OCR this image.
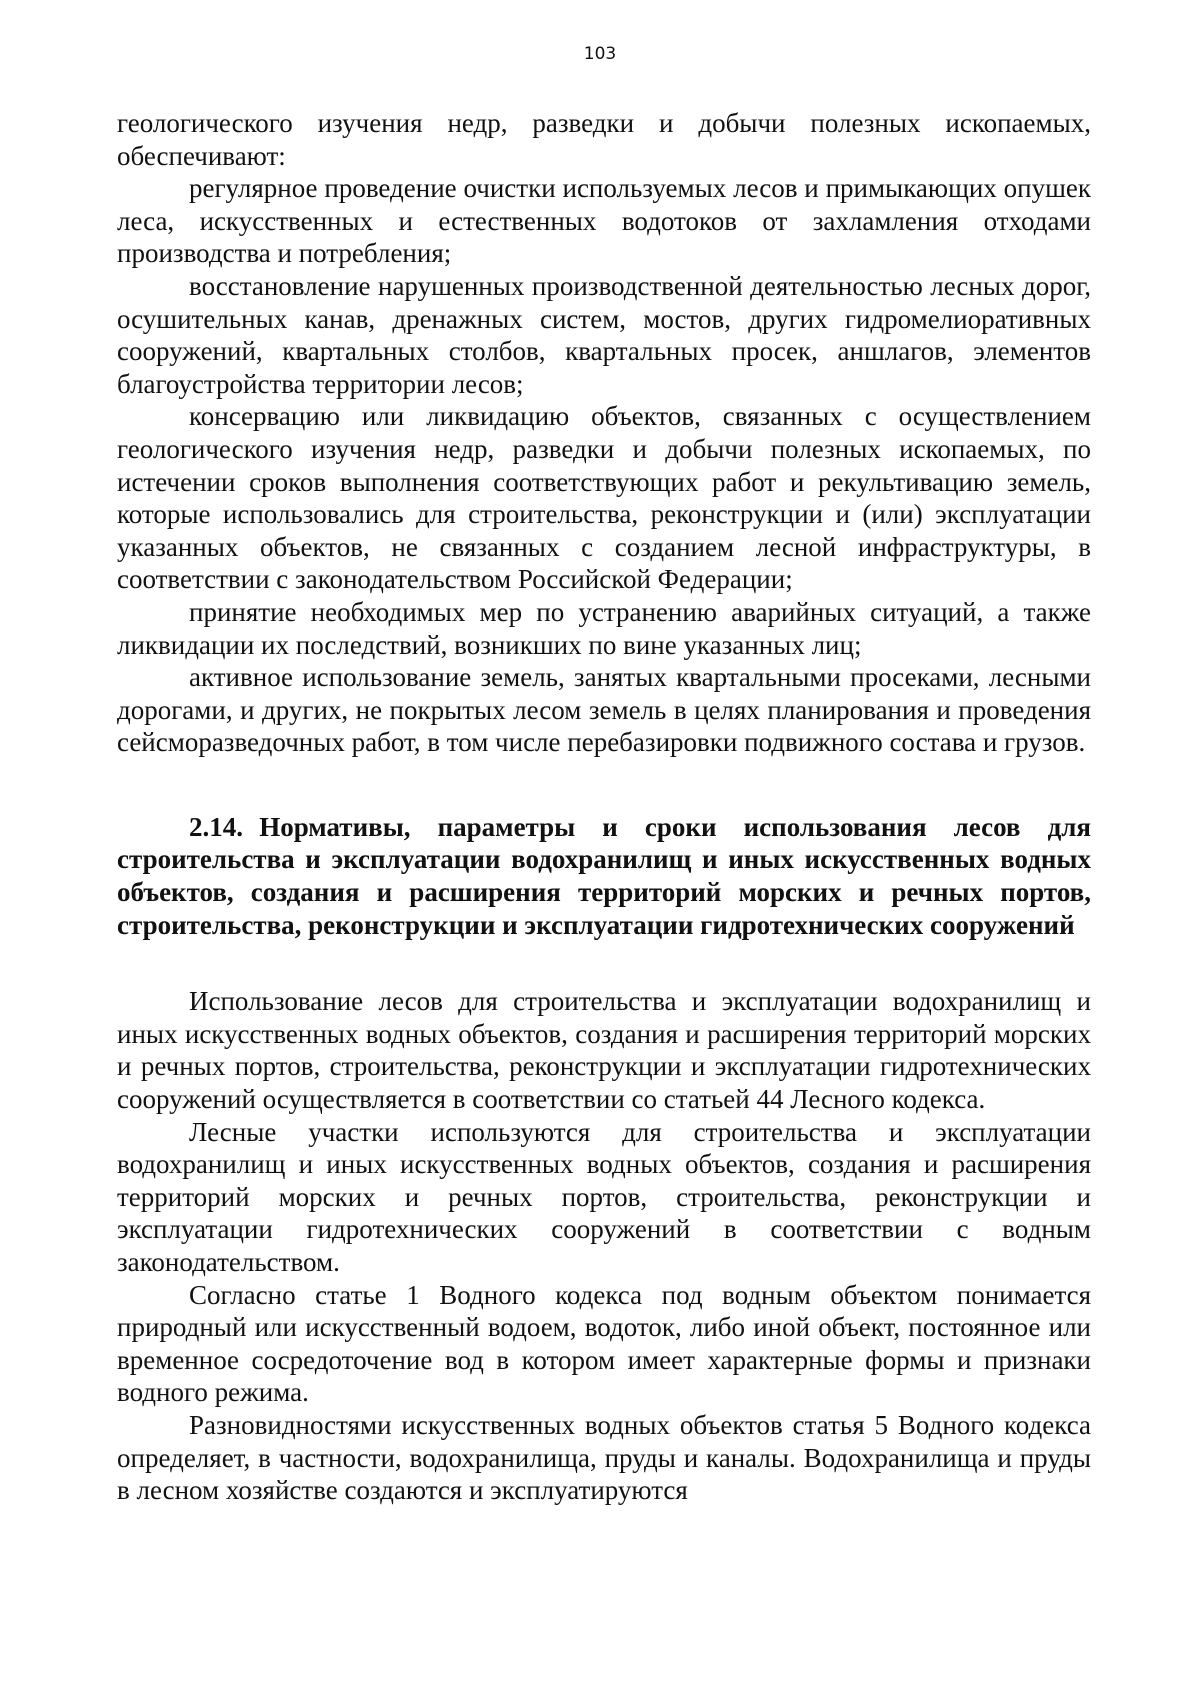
103

геологического изучения недр, разведки и добычи полезных ископаемых, обеспечивают:

регулярное проведение очистки используемых лесов и примыкающих опушек леса, искусственных и естественных водотоков от захламления отходами производства и потребления;

восстановление нарушенных производственной деятельностью лесных дорог, осушительных канав, дренажных систем, мостов, других гидромелиоративных сооружений, квартальных столбов, квартальных просек, аншлагов, элементов благоустройства территории лесов;

консервацию или ликвидацию объектов, связанных с осуществлением геологического изучения недр, разведки и добычи полезных ископаемых, по истечении сроков выполнения соответствующих работ и рекультивацию земель, которые использовались для строительства, реконструкции и (или) эксплуатации указанных объектов, не связанных с созданием лесной инфраструктуры, в соответствии с законодательством Российской Федерации;

принятие необходимых мер по устранению аварийных ситуаций, а также ликвидации их последствий, возникших по вине указанных лиц;

активное использование земель, занятых квартальными просеками, лесными дорогами, и других, не покрытых лесом земель в целях планирования и проведения сейсморазведочных работ, в том числе перебазировки подвижного состава и грузов.

2.14. Нормативы, параметры и сроки использования лесов для строительства и эксплуатации водохранилищ и иных искусственных водных объектов, создания и расширения территорий морских и речных портов, строительства, реконструкции и эксплуатации гидротехнических сооружений

Использование лесов для строительства и эксплуатации водохранилищ и иных искусственных водных объектов, создания и расширения территорий морских и речных портов, строительства, реконструкции и эксплуатации гидротехнических сооружений осуществляется в соответствии со статьей 44 Лесного кодекса.

Лесные участки используются для строительства и эксплуатации водохранилищ и иных искусственных водных объектов, создания и расширения территорий морских и речных портов, строительства, реконструкции и эксплуатации гидротехнических сооружений в соответствии с водным законодательством.

Согласно статье 1 Водного кодекса под водным объектом понимается природный или искусственный водоем, водоток, либо иной объект, постоянное или временное сосредоточение вод в котором имеет характерные формы и признаки водного режима.

Разновидностями искусственных водных объектов статья 5 Водного кодекса определяет, в частности, водохранилища, пруды и каналы. Водохранилища и пруды в лесном хозяйстве создаются и эксплуатируются
